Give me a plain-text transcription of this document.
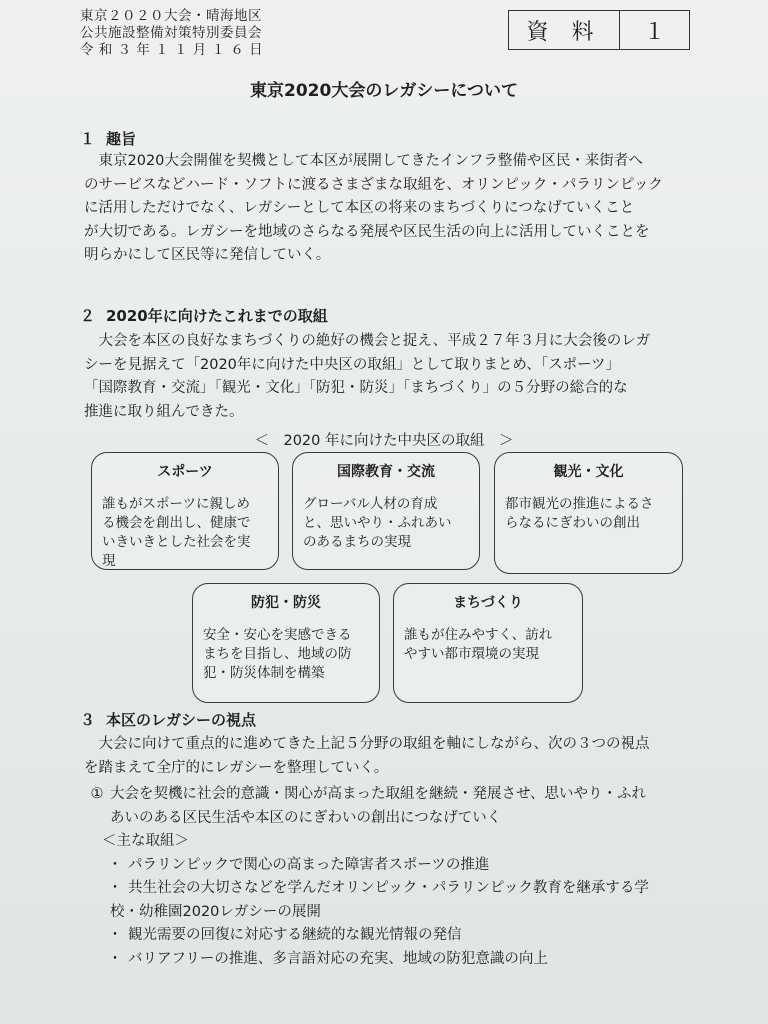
東京２０２０大会・晴海地区
公共施設整備対策特別委員会
令 和 ３ 年 １ １ 月 １ ６ 日
資 料	１
東京2020大会のレガシーについて
１ 趣旨
　東京2020大会開催を契機として本区が展開してきたインフラ整備や区民・来街者へ
のサービスなどハード・ソフトに渡るさまざまな取組を、オリンピック・パラリンピック
に活用しただけでなく、レガシーとして本区の将来のまちづくりにつなげていくこと
が大切である。レガシーを地域のさらなる発展や区民生活の向上に活用していくことを
明らかにして区民等に発信していく。
２ 2020年に向けたこれまでの取組
　大会を本区の良好なまちづくりの絶好の機会と捉え、平成２７年３月に大会後のレガ
シーを見据えて「2020年に向けた中央区の取組」として取りまとめ、「スポーツ」
「国際教育・交流」「観光・文化」「防犯・防災」「まちづくり」の５分野の総合的な
推進に取り組んできた。
＜　2020 年に向けた中央区の取組　＞
スポーツ
誰もがスポーツに親しめ
る機会を創出し、健康で
いきいきとした社会を実
現
国際教育・交流
グローバル人材の育成
と、思いやり・ふれあい
のあるまちの実現
観光・文化
都市観光の推進によるさ
らなるにぎわいの創出
防犯・防災
安全・安心を実感できる
まちを目指し、地域の防
犯・防災体制を構築
まちづくり
誰もが住みやすく、訪れ
やすい都市環境の実現
３ 本区のレガシーの視点
　大会に向けて重点的に進めてきた上記５分野の取組を軸にしながら、次の３つの視点
を踏まえて全庁的にレガシーを整理していく。
① 大会を契機に社会的意識・関心が高まった取組を継続・発展させ、思いやり・ふれ
あいのある区民生活や本区のにぎわいの創出につなげていく
＜主な取組＞
・ パラリンピックで関心の高まった障害者スポーツの推進
・ 共生社会の大切さなどを学んだオリンピック・パラリンピック教育を継承する学
校・幼稚園2020レガシーの展開
・ 観光需要の回復に対応する継続的な観光情報の発信
・ バリアフリーの推進、多言語対応の充実、地域の防犯意識の向上
